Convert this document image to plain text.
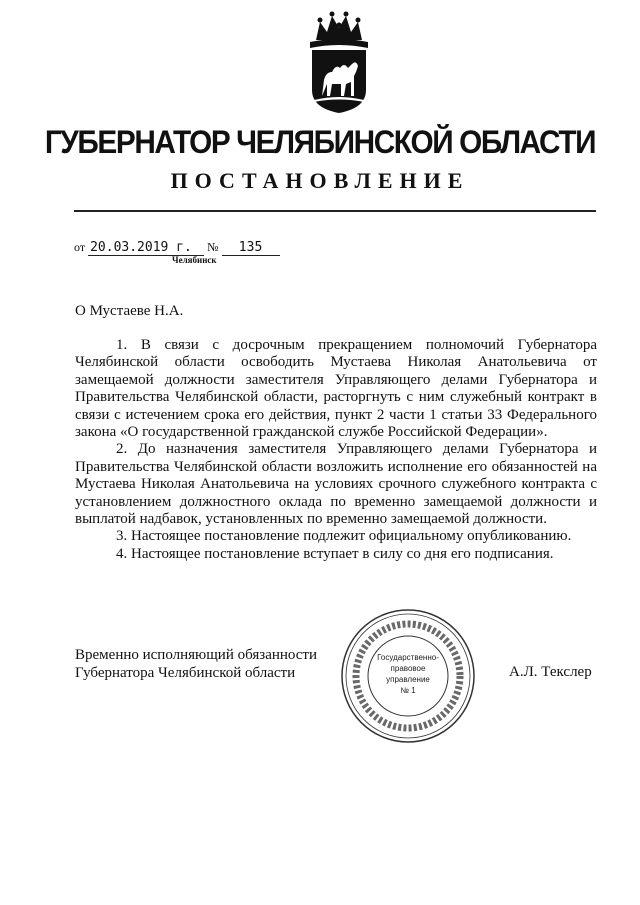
ГУБЕРНАТОР ЧЕЛЯБИНСКОЙ ОБЛАСТИ
ПОСТАНОВЛЕНИЕ
от 20.03.2019 г. № 135
Челябинск
О Мустаеве Н.А.

1. В связи с досрочным прекращением полномочий Губернатора Челябинской области освободить Мустаева Николая Анатольевича от замещаемой должности заместителя Управляющего делами Губернатора и Правительства Челябинской области, расторгнуть с ним служебный контракт в связи с истечением срока его действия, пункт 2 части 1 статьи 33 Федерального закона «О государственной гражданской службе Российской Федерации».

2. До назначения заместителя Управляющего делами Губернатора и Правительства Челябинской области возложить исполнение его обязанностей на Мустаева Николая Анатольевича на условиях срочного служебного контракта с установлением должностного оклада по временно замещаемой должности и выплатой надбавок, установленных по временно замещаемой должности.

3. Настоящее постановление подлежит официальному опубликованию.

4. Настоящее постановление вступает в силу со дня его подписания.

Временно исполняющий обязанности
Губернатора Челябинской области	А.Л. Текслер
Государственно-
правовое
управление
№ 1
